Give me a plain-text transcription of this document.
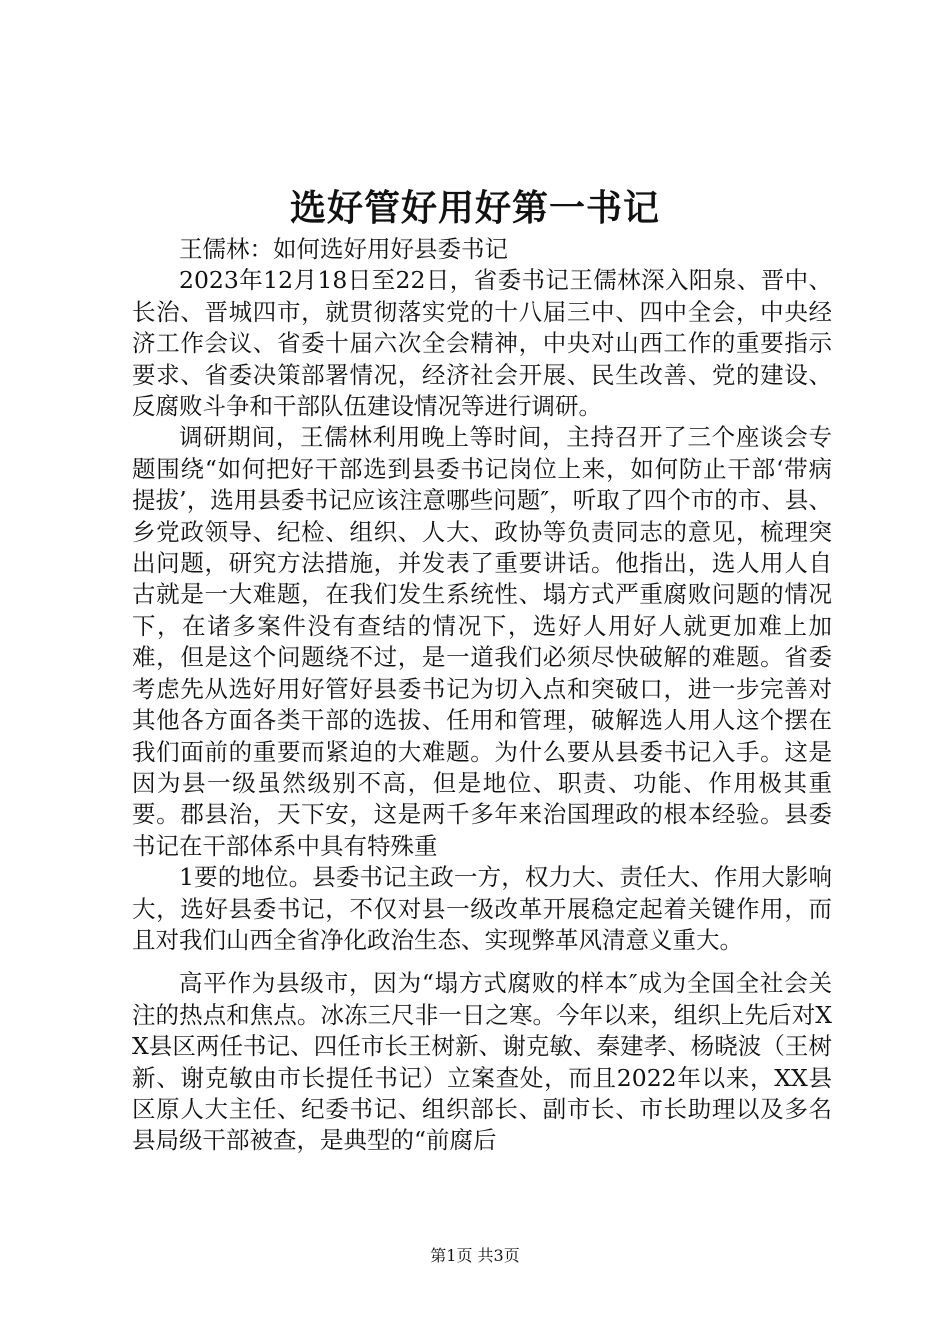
选好管好用好第一书记

王儒林：如何选好用好县委书记

2023年12月18日至22日，省委书记王儒林深入阳泉、晋中、长治、晋城四市，就贯彻落实党的十八届三中、四中全会，中央经济工作会议、省委十届六次全会精神，中央对山西工作的重要指示要求、省委决策部署情况，经济社会开展、民生改善、党的建设、反腐败斗争和干部队伍建设情况等进行调研。

调研期间，王儒林利用晚上等时间，主持召开了三个座谈会专题围绕“如何把好干部选到县委书记岗位上来，如何防止干部‘带病提拔’，选用县委书记应该注意哪些问题″，听取了四个市的市、县、乡党政领导、纪检、组织、人大、政协等负责同志的意见，梳理突出问题，研究方法措施，并发表了重要讲话。他指出，选人用人自古就是一大难题，在我们发生系统性、塌方式严重腐败问题的情况下，在诸多案件没有查结的情况下，选好人用好人就更加难上加难，但是这个问题绕不过，是一道我们必须尽快破解的难题。省委考虑先从选好用好管好县委书记为切入点和突破口，进一步完善对其他各方面各类干部的选拔、任用和管理，破解选人用人这个摆在我们面前的重要而紧迫的大难题。为什么要从县委书记入手。这是因为县一级虽然级别不高，但是地位、职责、功能、作用极其重要。郡县治，天下安，这是两千多年来治国理政的根本经验。县委书记在干部体系中具有特殊重

1要的地位。县委书记主政一方，权力大、责任大、作用大影响大，选好县委书记，不仅对县一级改革开展稳定起着关键作用，而且对我们山西全省净化政治生态、实现弊革风清意义重大。

高平作为县级市，因为“塌方式腐败的样本″成为全国全社会关注的热点和焦点。冰冻三尺非一日之寒。今年以来，组织上先后对XX县区两任书记、四任市长王树新、谢克敏、秦建孝、杨晓波（王树新、谢克敏由市长提任书记）立案查处，而且2022年以来，XX县区原人大主任、纪委书记、组织部长、副市长、市长助理以及多名县局级干部被查，是典型的“前腐后

第1页 共3页
